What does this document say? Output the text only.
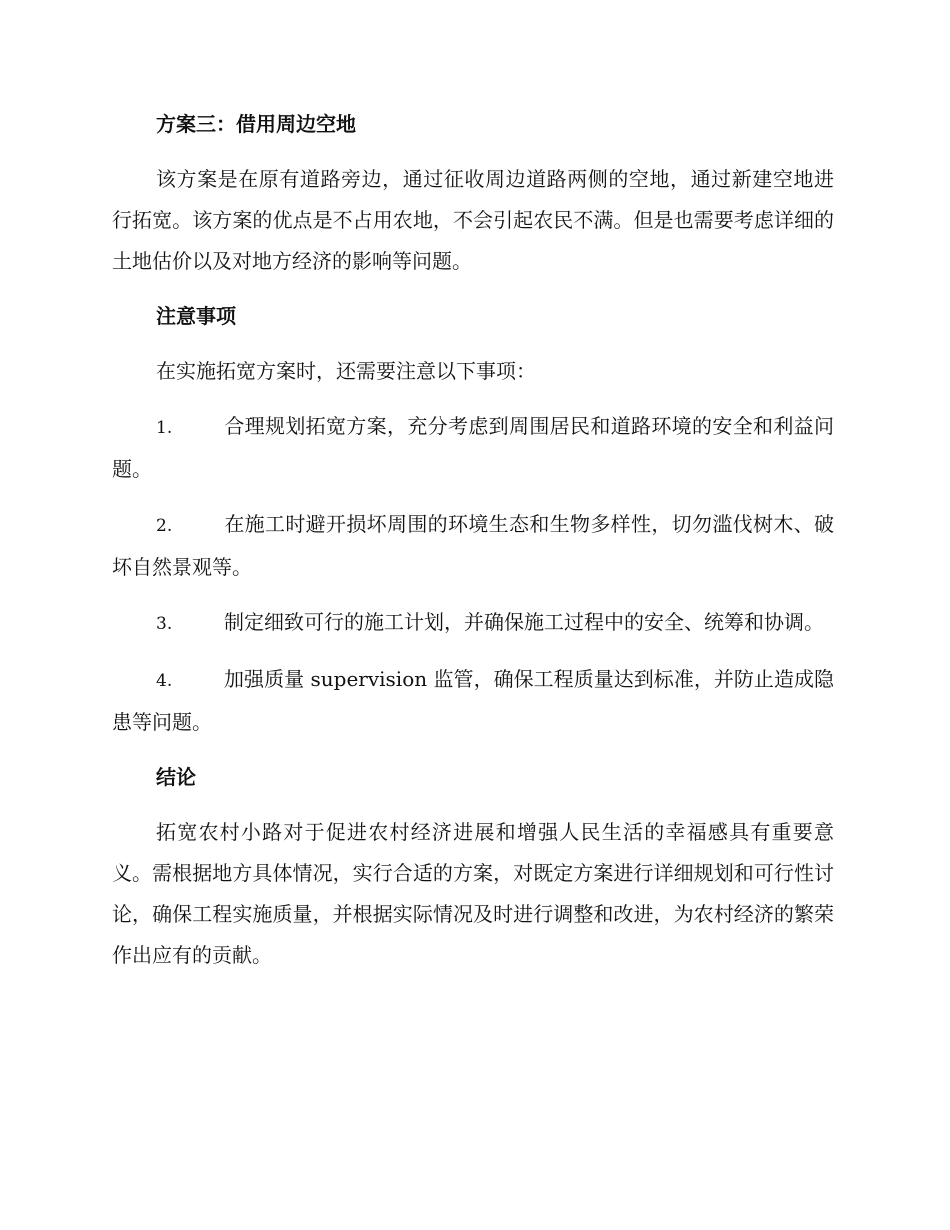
方案三：借用周边空地

该方案是在原有道路旁边，通过征收周边道路两侧的空地，通过新建空地进行拓宽。该方案的优点是不占用农地，不会引起农民不满。但是也需要考虑详细的土地估价以及对地方经济的影响等问题。

注意事项

在实施拓宽方案时，还需要注意以下事项：

1.	合理规划拓宽方案，充分考虑到周围居民和道路环境的安全和利益问题。

2.	在施工时避开损坏周围的环境生态和生物多样性，切勿滥伐树木、破坏自然景观等。

3.	制定细致可行的施工计划，并确保施工过程中的安全、统筹和协调。

4.	加强质量 supervision 监管，确保工程质量达到标准，并防止造成隐患等问题。

结论

拓宽农村小路对于促进农村经济进展和增强人民生活的幸福感具有重要意义。需根据地方具体情况，实行合适的方案，对既定方案进行详细规划和可行性讨论，确保工程实施质量，并根据实际情况及时进行调整和改进，为农村经济的繁荣作出应有的贡献。
